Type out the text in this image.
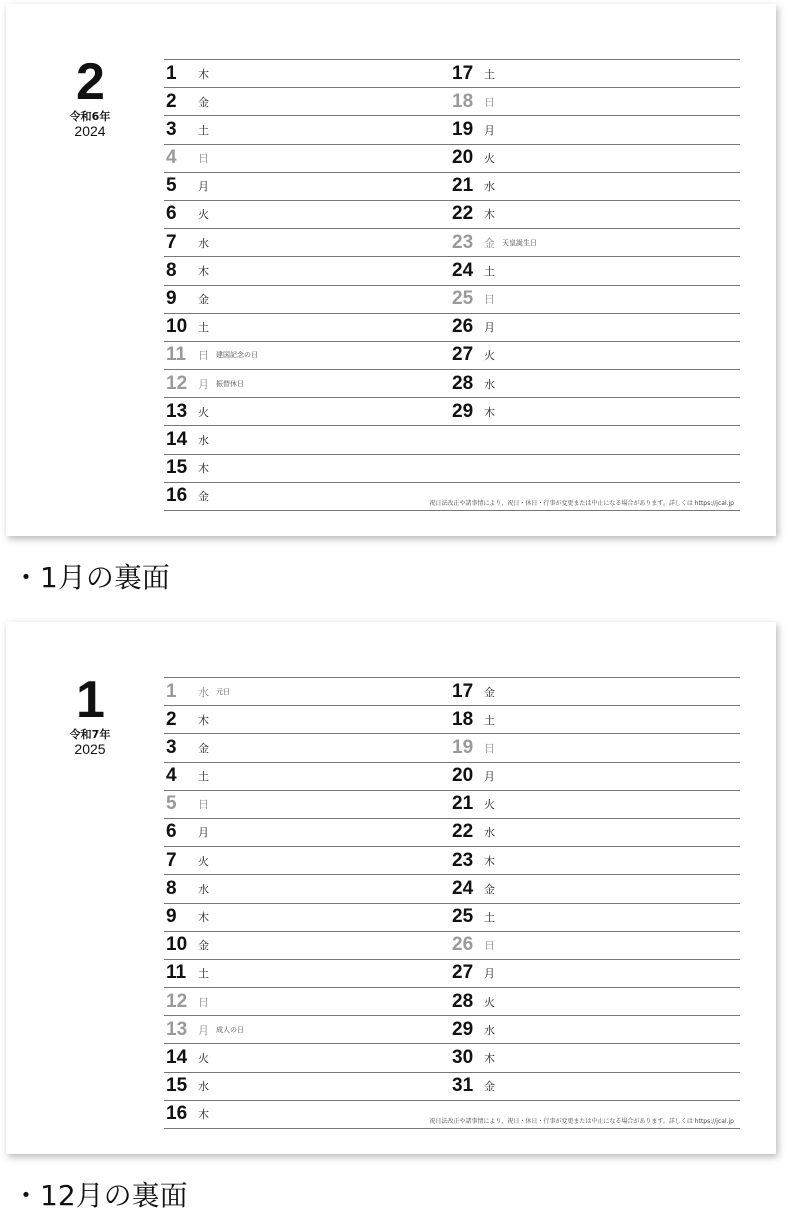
2
令和6年
2024
1	木	17 土
2	金	18 日
3	土	19 月
4	日	20 火
5	月	21 水
6	火	22 木
7	水	23 金 天皇誕生日
8	木	24 土
9	金	25 日
10 土	26 月
11	日 建国記念の日	27 火
12 月 振替休日	28 水
13 火	29 木
14 水
15 木
16 金
祝日法改正や諸事情により、祝日・休日・行事が変更または中止になる場合があります。詳しくは https://jcal.jp
・1月の裏面
1
令和7年
2025
1	水 元日	17 金
2	木	18 土
3	金	19 日
4	土	20 月
5	日	21 火
6	月	22 水
7	火	23 木
8	水	24 金
9	木	25 土
10 金	26 日
11	土	27 月
12 日	28 火
13 月 成人の日	29 水
14 火	30 木
15 水	31 金
16 木
祝日法改正や諸事情により、祝日・休日・行事が変更または中止になる場合があります。詳しくは https://jcal.jp
・12月の裏面
